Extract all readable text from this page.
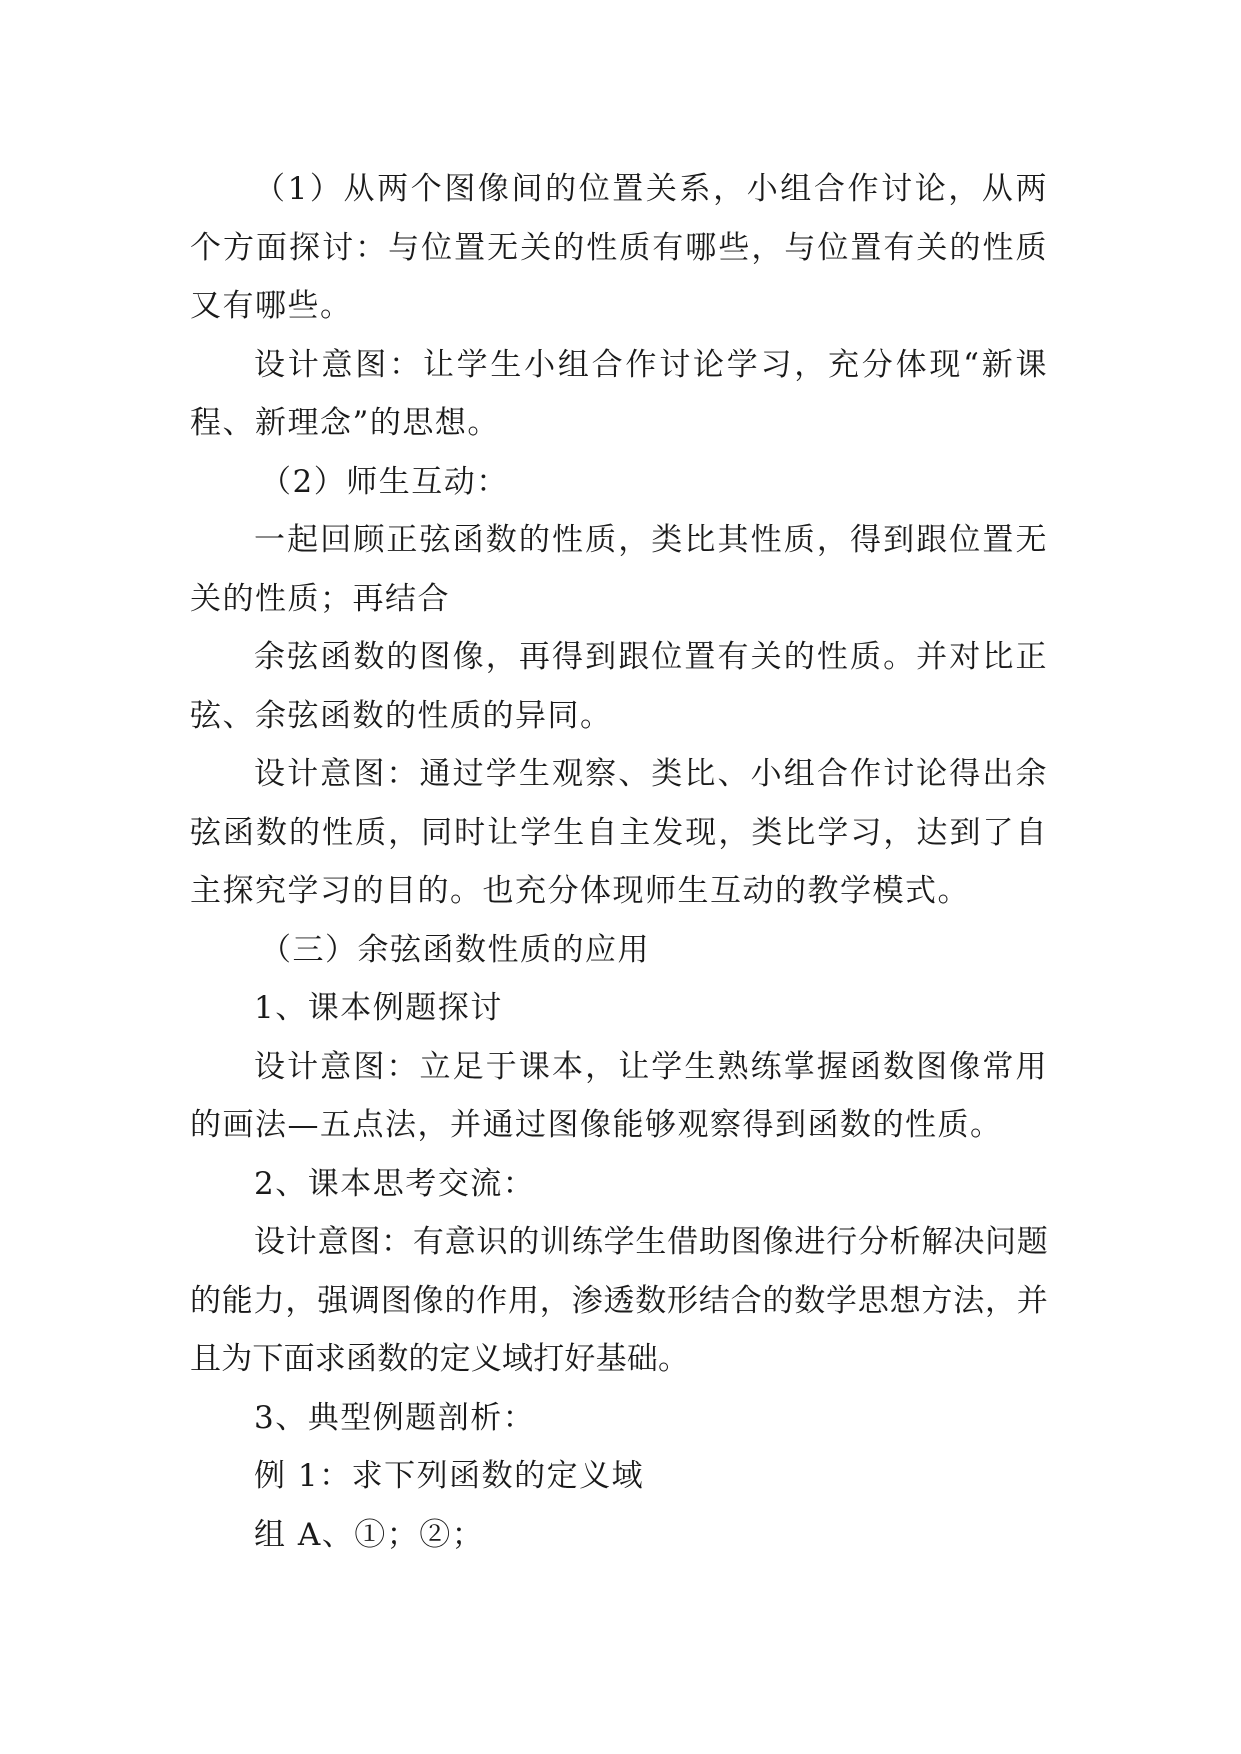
（1）从两个图像间的位置关系，小组合作讨论，从两个方面探讨：与位置无关的性质有哪些，与位置有关的性质又有哪些。

设计意图：让学生小组合作讨论学习，充分体现“新课程、新理念”的思想。

（2）师生互动：

一起回顾正弦函数的性质，类比其性质，得到跟位置无关的性质；再结合

余弦函数的图像，再得到跟位置有关的性质。并对比正弦、余弦函数的性质的异同。

设计意图：通过学生观察、类比、小组合作讨论得出余弦函数的性质，同时让学生自主发现，类比学习，达到了自主探究学习的目的。也充分体现师生互动的教学模式。

（三）余弦函数性质的应用

1、课本例题探讨

设计意图：立足于课本，让学生熟练掌握函数图像常用的画法—五点法，并通过图像能够观察得到函数的性质。

2、课本思考交流：

设计意图：有意识的训练学生借助图像进行分析解决问题的能力，强调图像的作用，渗透数形结合的数学思想方法，并且为下面求函数的定义域打好基础。

3、典型例题剖析：

例 1：求下列函数的定义域

组 A、①；②；
